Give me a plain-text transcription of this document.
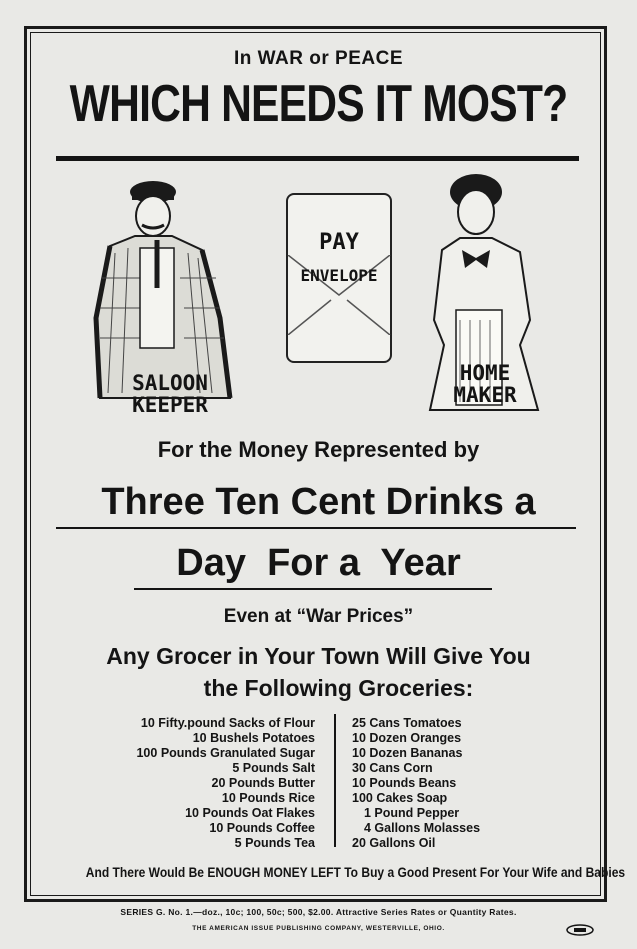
In WAR or PEACE
WHICH NEEDS IT MOST?
SALOON
KEEPER
PAY
ENVELOPE
HOME
MAKER
For the Money Represented by
Three Ten Cent Drinks a
Day  For a  Year
Even at “War Prices”
Any Grocer in Your Town Will Give You
the Following Groceries:
10 Fifty.pound Sacks of Flour
10 Bushels Potatoes
100 Pounds Granulated Sugar
5 Pounds Salt
20 Pounds Butter
10 Pounds Rice
10 Pounds Oat Flakes
10 Pounds Coffee
5 Pounds Tea
25 Cans Tomatoes
10 Dozen Oranges
10 Dozen Bananas
30 Cans Corn
10 Pounds Beans
100 Cakes Soap
1 Pound Pepper
4 Gallons Molasses
20 Gallons Oil
And There Would Be ENOUGH MONEY LEFT To Buy a Good Present For Your Wife and Babies
SERIES G. No. 1.—doz., 10c; 100, 50c; 500, $2.00. Attractive Series Rates or Quantity Rates.
THE AMERICAN ISSUE PUBLISHING COMPANY, WESTERVILLE, OHIO.
